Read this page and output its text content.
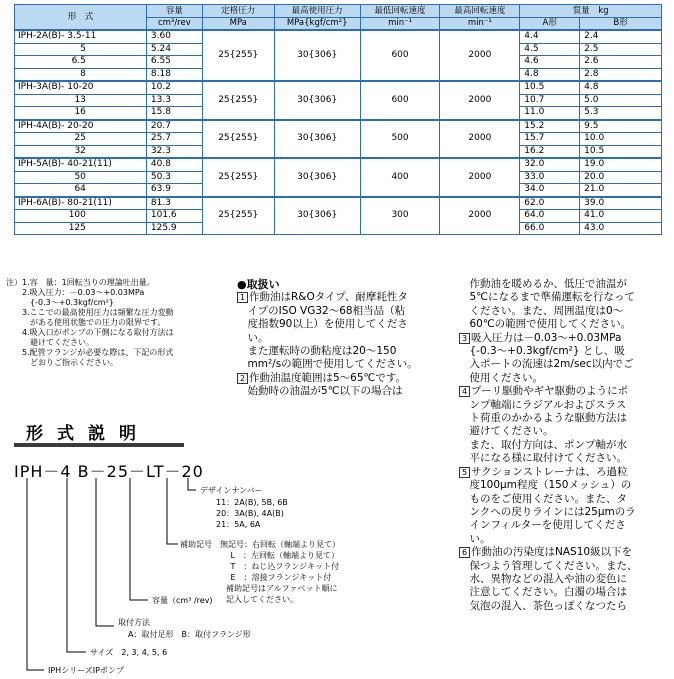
形　式	容量	定格圧力	最高使用圧力	最低回転速度	最高回転速度	質量　kg	
	cm³/rev	MPa	MPa{kgf/cm²}	min⁻¹	min⁻¹	A形	B形
IPH-2A(B)- 3.5-11	3.60	25{255}	30{306}	600	2000	4.4	2.4
5	5.24					4.5	2.5
6.5	6.55					4.6	2.6
8	8.18					4.8	2.8
IPH-3A(B)- 10-20	10.2	25{255}	30{306}	600	2000	10.5	4.8
13	13.3					10.7	5.0
16	15.8					11.0	5.3
IPH-4A(B)- 20-20	20.7	25{255}	30{306}	500	2000	15.2	9.5
25	25.7					15.7	10.0
32	32.3					16.2	10.5
IPH-5A(B)- 40-21(11)	40.8	25{255}	30{306}	400	2000	32.0	19.0
50	50.3					33.0	20.0
64	63.9					34.0	21.0
IPH-6A(B)- 80-21(11)	81.3	25{255}	30{306}	300	2000	62.0	39.0
100	101.6					64.0	41.0
125	125.9					66.0	43.0
注）1.容　量：1回転当りの理論吐出量。
　　2.吸入圧力：－0.03～+0.03MPa
　　　{-0.3～+0.3kgf/cm²}
　　3.ここでの最高使用圧力は頻繁な圧力変動
　　　がある使用状態での圧力の限界です。
　　4.吸入口がポンプの下側になる取付方法は
　　　避けてください。
　　5.配管フランジが必要な際は、下記の形式
　　　どおりご指示ください。
●取扱い
1 作動油はR&Oタイプ、耐摩耗性タ
　イプのISO VG32～68相当品（粘
　度指数90以上）を使用してくださ
　い。
　また運転時の動粘度は20～150
　mm²/sの範囲で使用してください。
2 作動油温度範囲は5～65℃です。
　始動時の油温が5℃以下の場合は
　作動油を暖めるか、低圧で油温が
　5℃になるまで準備運転を行なって
　ください。また、周囲温度は0～
　60℃の範囲で使用してください。
3 吸入圧力は－0.03～+0.03MPa
　{-0.3～+0.3kgf/cm²} とし、吸
　入ポートの流速は2m/sec以内でご
　使用ください。
4 プーリ駆動やギヤ駆動のようにポ
　ンプ軸端にラジアルおよびスラス
　ト荷重のかかるような駆動方法は
　避けてください。
　また、取付方向は、ポンプ軸が水
　平になる様に取付けてください。
5 サクションストレーナは、ろ過粒
　度100μm程度（150メッシュ）の
　ものをご使用ください。また、タ
　ンクへの戻りラインには25μmのラ
　インフィルターを使用してくださ
　い。
6 作動油の汚染度はNAS10級以下を
　保つよう管理してください。また、
　水、異物などの混入や油の変色に
　注意してください。白濁の場合は
　気泡の混入、茶色っぽくなつたら
形式説明
IPH－4 B－25－LT－20
デザインナンバー
11：2A(B), 5B, 6B
20：3A(B), 4A(B)
21：5A, 6A
補助記号 無記号：右回転（軸端より見て）
　 L　：左回転（軸端より見て）
　 T　：ねじ込フランジキット付
　 E　：溶接フランジキット付
補助記号はアルファベット順に
記入してください。
容量（cm³ /rev)
取付方法
A：取付足形　B：取付フランジ形
サイズ　2, 3, 4, 5, 6
IPHシリーズIPポンプ
